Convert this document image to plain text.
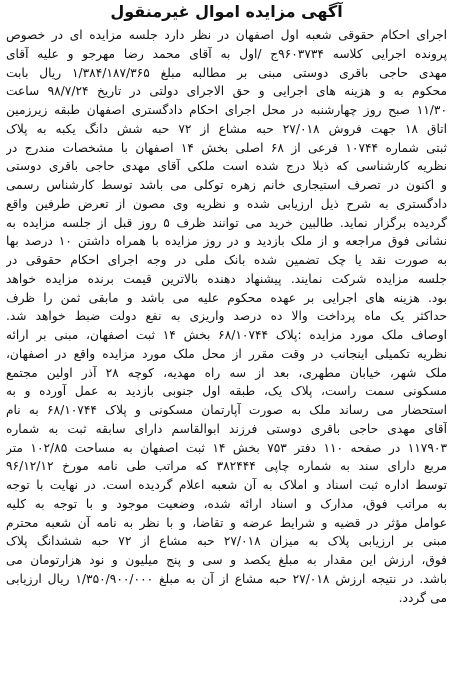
آگهی مزایده اموال غیرمنقول
اجرای احکام حقوقی شعبه اول اصفهان در نظر دارد جلسه مزایده ای در خصوص
پرونده اجرایی کلاسه ۹۶۰۳۷۳۴ج /اول به آقای محمد رضا مهرجو و علیه آقای
مهدی حاجی باقری دوستی مبنی بر مطالبه مبلغ ۱/۳۸۴/۱۸۷/۳۶۵ ریال بابت
محکوم به و هزینه های اجرایی و حق الاجرای دولتی در تاریخ ۹۸/۷/۲۴ ساعت
۱۱/۳۰ صبح روز چهارشنبه در محل اجرای احکام دادگستری اصفهان طبقه زیرزمین
اتاق ۱۸ جهت فروش ۲۷/۰۱۸ حبه مشاع از ۷۲ حبه شش دانگ یکبه به پلاک
ثبتی شماره ۱۰۷۴۴ فرعی از ۶۸ اصلی بخش ۱۴ اصفهان با مشخصات مندرج در
نظریه کارشناسی که ذیلا درج شده است ملکی آقای مهدی حاجی باقری دوستی
و اکنون در تصرف استیجاری خانم زهره توکلی می باشد توسط کارشناس رسمی
دادگستری به شرح ذیل ارزیابی شده و نظریه وی مصون از تعرض طرفین واقع
گردیده برگزار نماید. طالبین خرید می توانند ظرف ۵ روز قبل از جلسه مزایده به
نشانی فوق مراجعه و از ملک بازدید و در روز مزایده با همراه داشتن ۱۰ درصد بها
به صورت نقد یا چک تضمین شده بانک ملی در وجه اجرای احکام حقوقی در
جلسه مزایده شرکت نمایند. پیشنهاد دهنده بالاترین قیمت برنده مزایده خواهد
بود. هزینه های اجرایی بر عهده محکوم علیه می باشد و مابقی ثمن را ظرف
حداکثر یک ماه پرداخت والا ده درصد واریزی به نفع دولت ضبط خواهد شد.
اوصاف ملک مورد مزایده :پلاک ۶۸/۱۰۷۴۴ بخش ۱۴ ثبت اصفهان، مبنی بر ارائه
نظریه تکمیلی اینجانب در وقت مقرر از محل ملک مورد مزایده واقع در اصفهان،
ملک شهر، خیابان مطهری، بعد از سه راه مهدیه، کوچه ۲۸ آذر اولین مجتمع
مسکونی سمت راست، پلاک یک، طبقه اول جنوبی بازدید به عمل آورده و به
استحضار می رساند ملک به صورت آپارتمان مسکونی و پلاک ۶۸/۱۰۷۴۴ به نام
آقای مهدی حاجی باقری دوستی فرزند ابوالقاسم دارای سابقه ثبت به شماره
۱۱۷۹۰۳ در صفحه ۱۱۰ دفتر ۷۵۳ بخش ۱۴ ثبت اصفهان به مساحت ۱۰۲/۸۵ متر
مربع دارای سند به شماره چاپی ۳۸۲۴۴۴ که مراتب طی نامه مورخ ۹۶/۱۲/۱۲
توسط اداره ثبت اسناد و املاک به آن شعبه اعلام گردیده است. در نهایت با توجه
به مراتب فوق، مدارک و اسناد ارائه شده، وضعیت موجود و با توجه به کلیه
عوامل مؤثر در قضیه و شرایط عرضه و تقاضا، و با نظر به نامه آن شعبه محترم
مبنی بر ارزیابی پلاک به میزان ۲۷/۰۱۸ حبه مشاع از ۷۲ حبه ششدانگ پلاک
فوق، ارزش این مقدار به مبلغ یکصد و سی و پنج میلیون و نود هزارتومان می
باشد. در نتیجه ارزش ۲۷/۰۱۸ حبه مشاع از آن به مبلغ ۱/۳۵۰/۹۰۰/۰۰۰ ریال ارزیابی
می گردد.
